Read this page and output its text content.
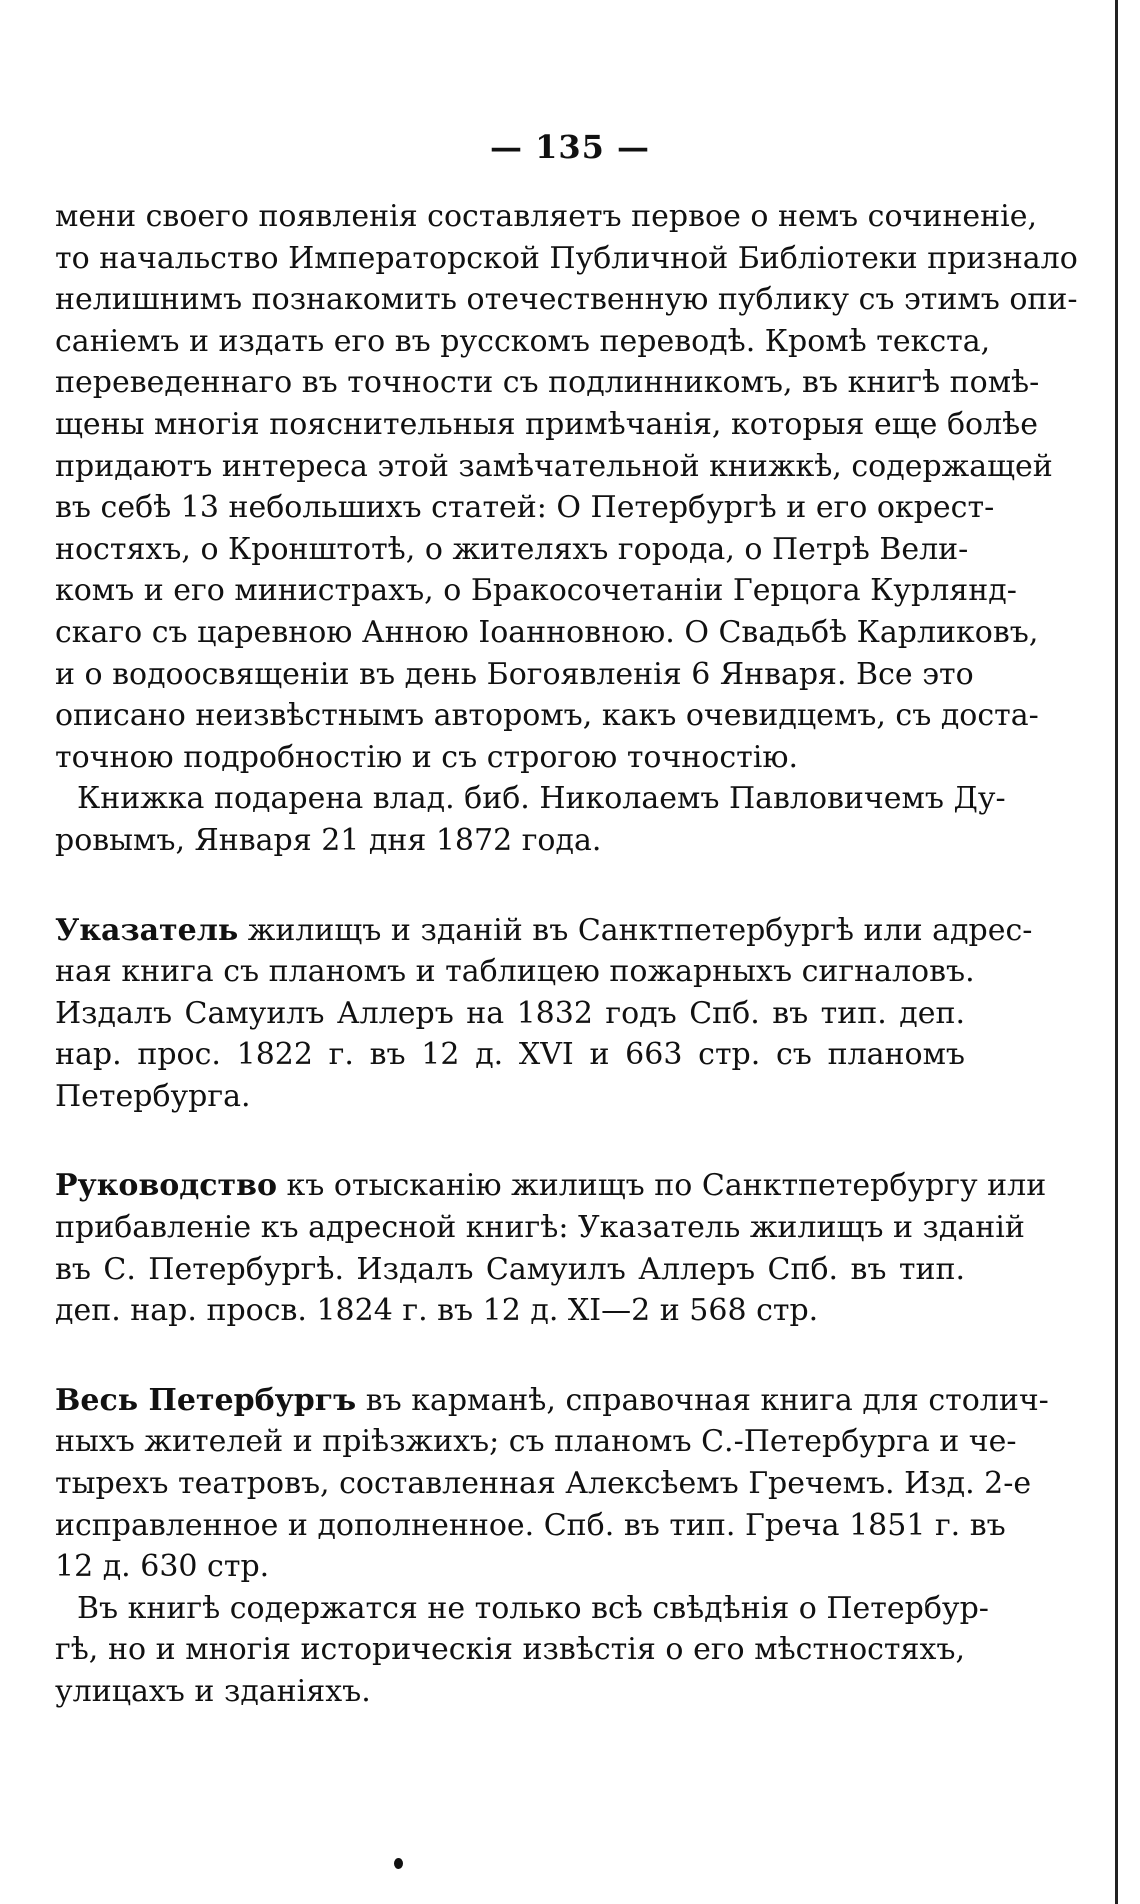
— 135 —
мени своего появленія составляетъ первое о немъ сочиненіе,
то начальство Императорской Публичной Библіотеки признало
нелишнимъ познакомить отечественную публику съ этимъ опи-
саніемъ и издать его въ русскомъ переводѣ. Кромѣ текста,
переведеннаго въ точности съ подлинникомъ, въ книгѣ помѣ-
щены многія пояснительныя примѣчанія, которыя еще болѣе
придаютъ интереса этой замѣчательной книжкѣ, содержащей
въ себѣ 13 небольшихъ статей: О Петербургѣ и его окрест-
ностяхъ, о Кронштотѣ, о жителяхъ города, о Петрѣ Вели-
комъ и его министрахъ, о Бракосочетаніи Герцога Курлянд-
скаго съ царевною Анною Іоанновною. О Свадьбѣ Карликовъ,
и о водоосвященіи въ день Богоявленія 6 Января. Все это
описано неизвѣстнымъ авторомъ, какъ очевидцемъ, съ доста-
точною подробностію и съ строгою точностію.
Книжка подарена влад. биб. Николаемъ Павловичемъ Ду-
ровымъ, Января 21 дня 1872 года.
Указатель жилищъ и зданій въ Санктпетербургѣ или адрес-
ная книга съ планомъ и таблицею пожарныхъ сигналовъ.
Издалъ Самуилъ Аллеръ на 1832 годъ Спб. въ тип. деп.
нар. прос. 1822 г. въ 12 д. XVI и 663 стр. съ планомъ
Петербурга.
Руководство къ отысканію жилищъ по Санктпетербургу или
прибавленіе къ адресной книгѣ: Указатель жилищъ и зданій
въ С. Петербургѣ. Издалъ Самуилъ Аллеръ Спб. въ тип.
деп. нар. просв. 1824 г. въ 12 д. XI—2 и 568 стр.
Весь Петербургъ въ карманѣ, справочная книга для столич-
ныхъ жителей и пріѣзжихъ; съ планомъ С.-Петербурга и че-
тырехъ театровъ, составленная Алексѣемъ Гречемъ. Изд. 2-е
исправленное и дополненное. Спб. въ тип. Греча 1851 г. въ
12 д. 630 стр.
Въ книгѣ содержатся не только всѣ свѣдѣнія о Петербур-
гѣ, но и многія историческія извѣстія о его мѣстностяхъ,
улицахъ и зданіяхъ.
